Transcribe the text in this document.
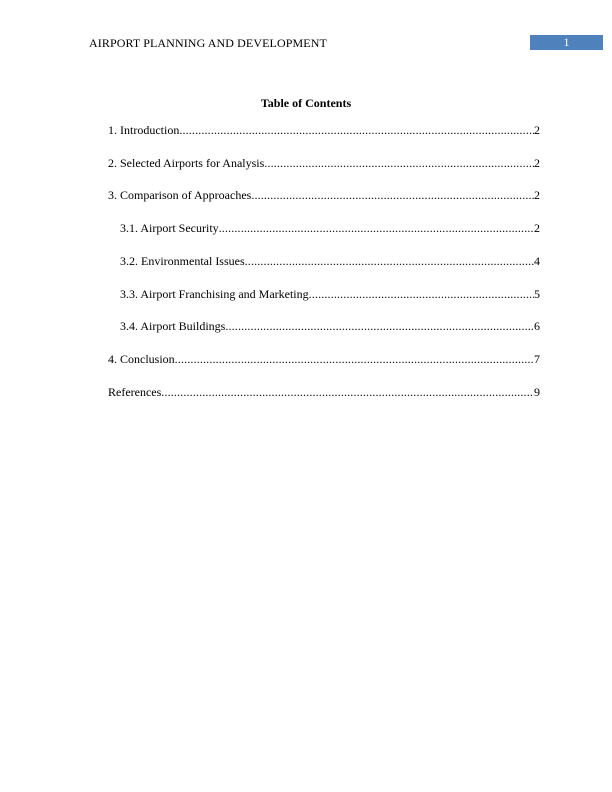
AIRPORT PLANNING AND DEVELOPMENT	1
Table of Contents
1. Introduction .....	2
2. Selected Airports for Analysis .....	2
3. Comparison of Approaches .....	2
3.1. Airport Security .....	2
3.2. Environmental Issues .....	4
3.3. Airport Franchising and Marketing .....	5
3.4. Airport Buildings .....	6
4. Conclusion .....	7
References .....	9
